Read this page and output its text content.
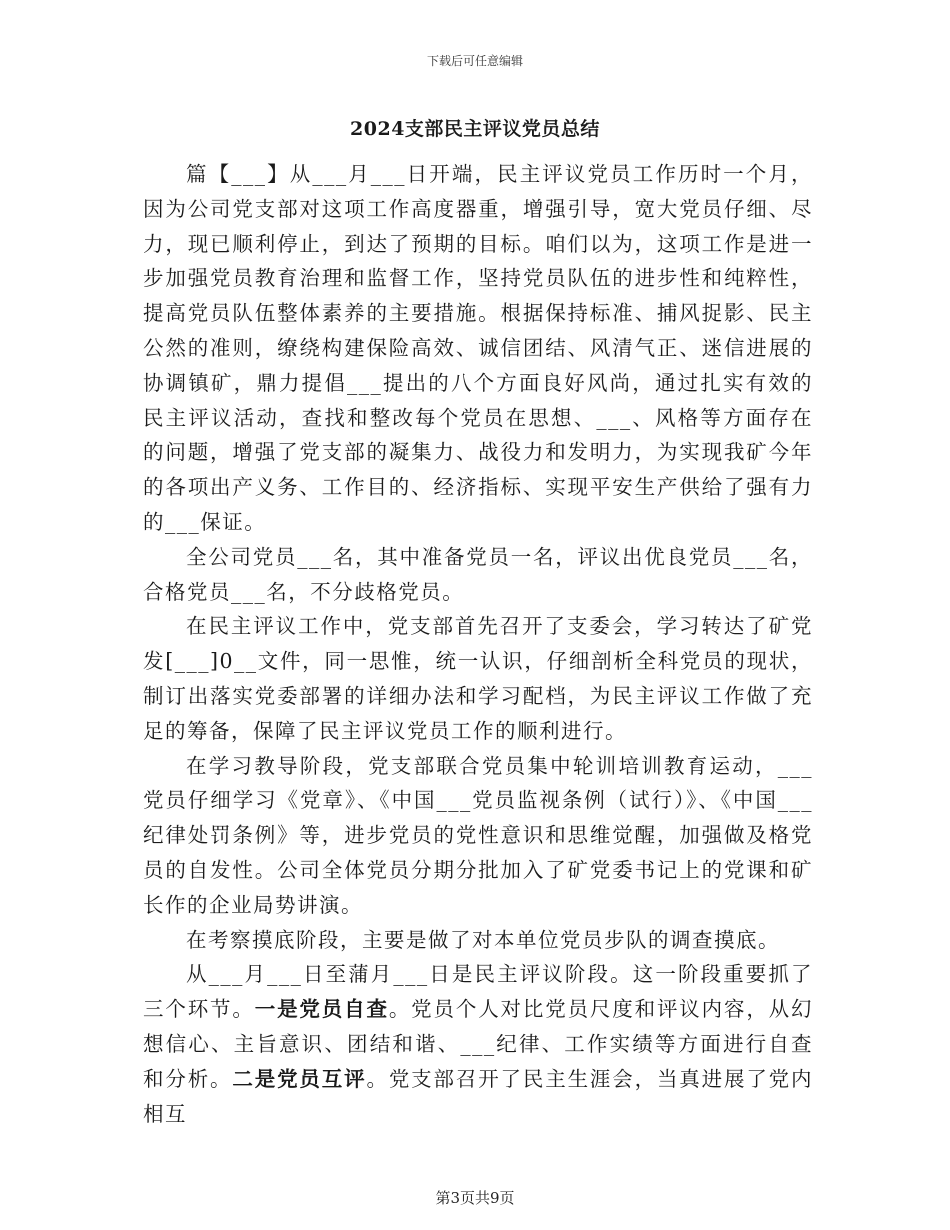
下载后可任意编辑
2024支部民主评议党员总结

篇【___】从___月___日开端，民主评议党员工作历时一个月，因为公司党支部对这项工作高度器重，增强引导，宽大党员仔细、尽力，现已顺利停止，到达了预期的目标。咱们以为，这项工作是进一步加强党员教育治理和监督工作，坚持党员队伍的进步性和纯粹性，提高党员队伍整体素养的主要措施。根据保持标准、捕风捉影、民主公然的准则，缭绕构建保险高效、诚信团结、风清气正、迷信进展的协调镇矿，鼎力提倡___提出的八个方面良好风尚，通过扎实有效的民主评议活动，查找和整改每个党员在思想、___、风格等方面存在的问题，增强了党支部的凝集力、战役力和发明力，为实现我矿今年的各项出产义务、工作目的、经济指标、实现平安生产供给了强有力的___保证。

全公司党员___名，其中准备党员一名，评议出优良党员___名，合格党员___名，不分歧格党员。

在民主评议工作中，党支部首先召开了支委会，学习转达了矿党发[___]0__文件，同一思惟，统一认识，仔细剖析全科党员的现状，制订出落实党委部署的详细办法和学习配档，为民主评议工作做了充足的筹备，保障了民主评议党员工作的顺利进行。

在学习教导阶段，党支部联合党员集中轮训培训教育运动，___党员仔细学习《党章》、《中国___党员监视条例（试行）》、《中国___纪律处罚条例》等，进步党员的党性意识和思维觉醒，加强做及格党员的自发性。公司全体党员分期分批加入了矿党委书记上的党课和矿长作的企业局势讲演。

在考察摸底阶段，主要是做了对本单位党员步队的调查摸底。

从___月___日至蒲月___日是民主评议阶段。这一阶段重要抓了三个环节。一是党员自查。党员个人对比党员尺度和评议内容，从幻想信心、主旨意识、团结和谐、___纪律、工作实绩等方面进行自查和分析。二是党员互评。党支部召开了民主生涯会，当真进展了党内相互

第3页共9页
